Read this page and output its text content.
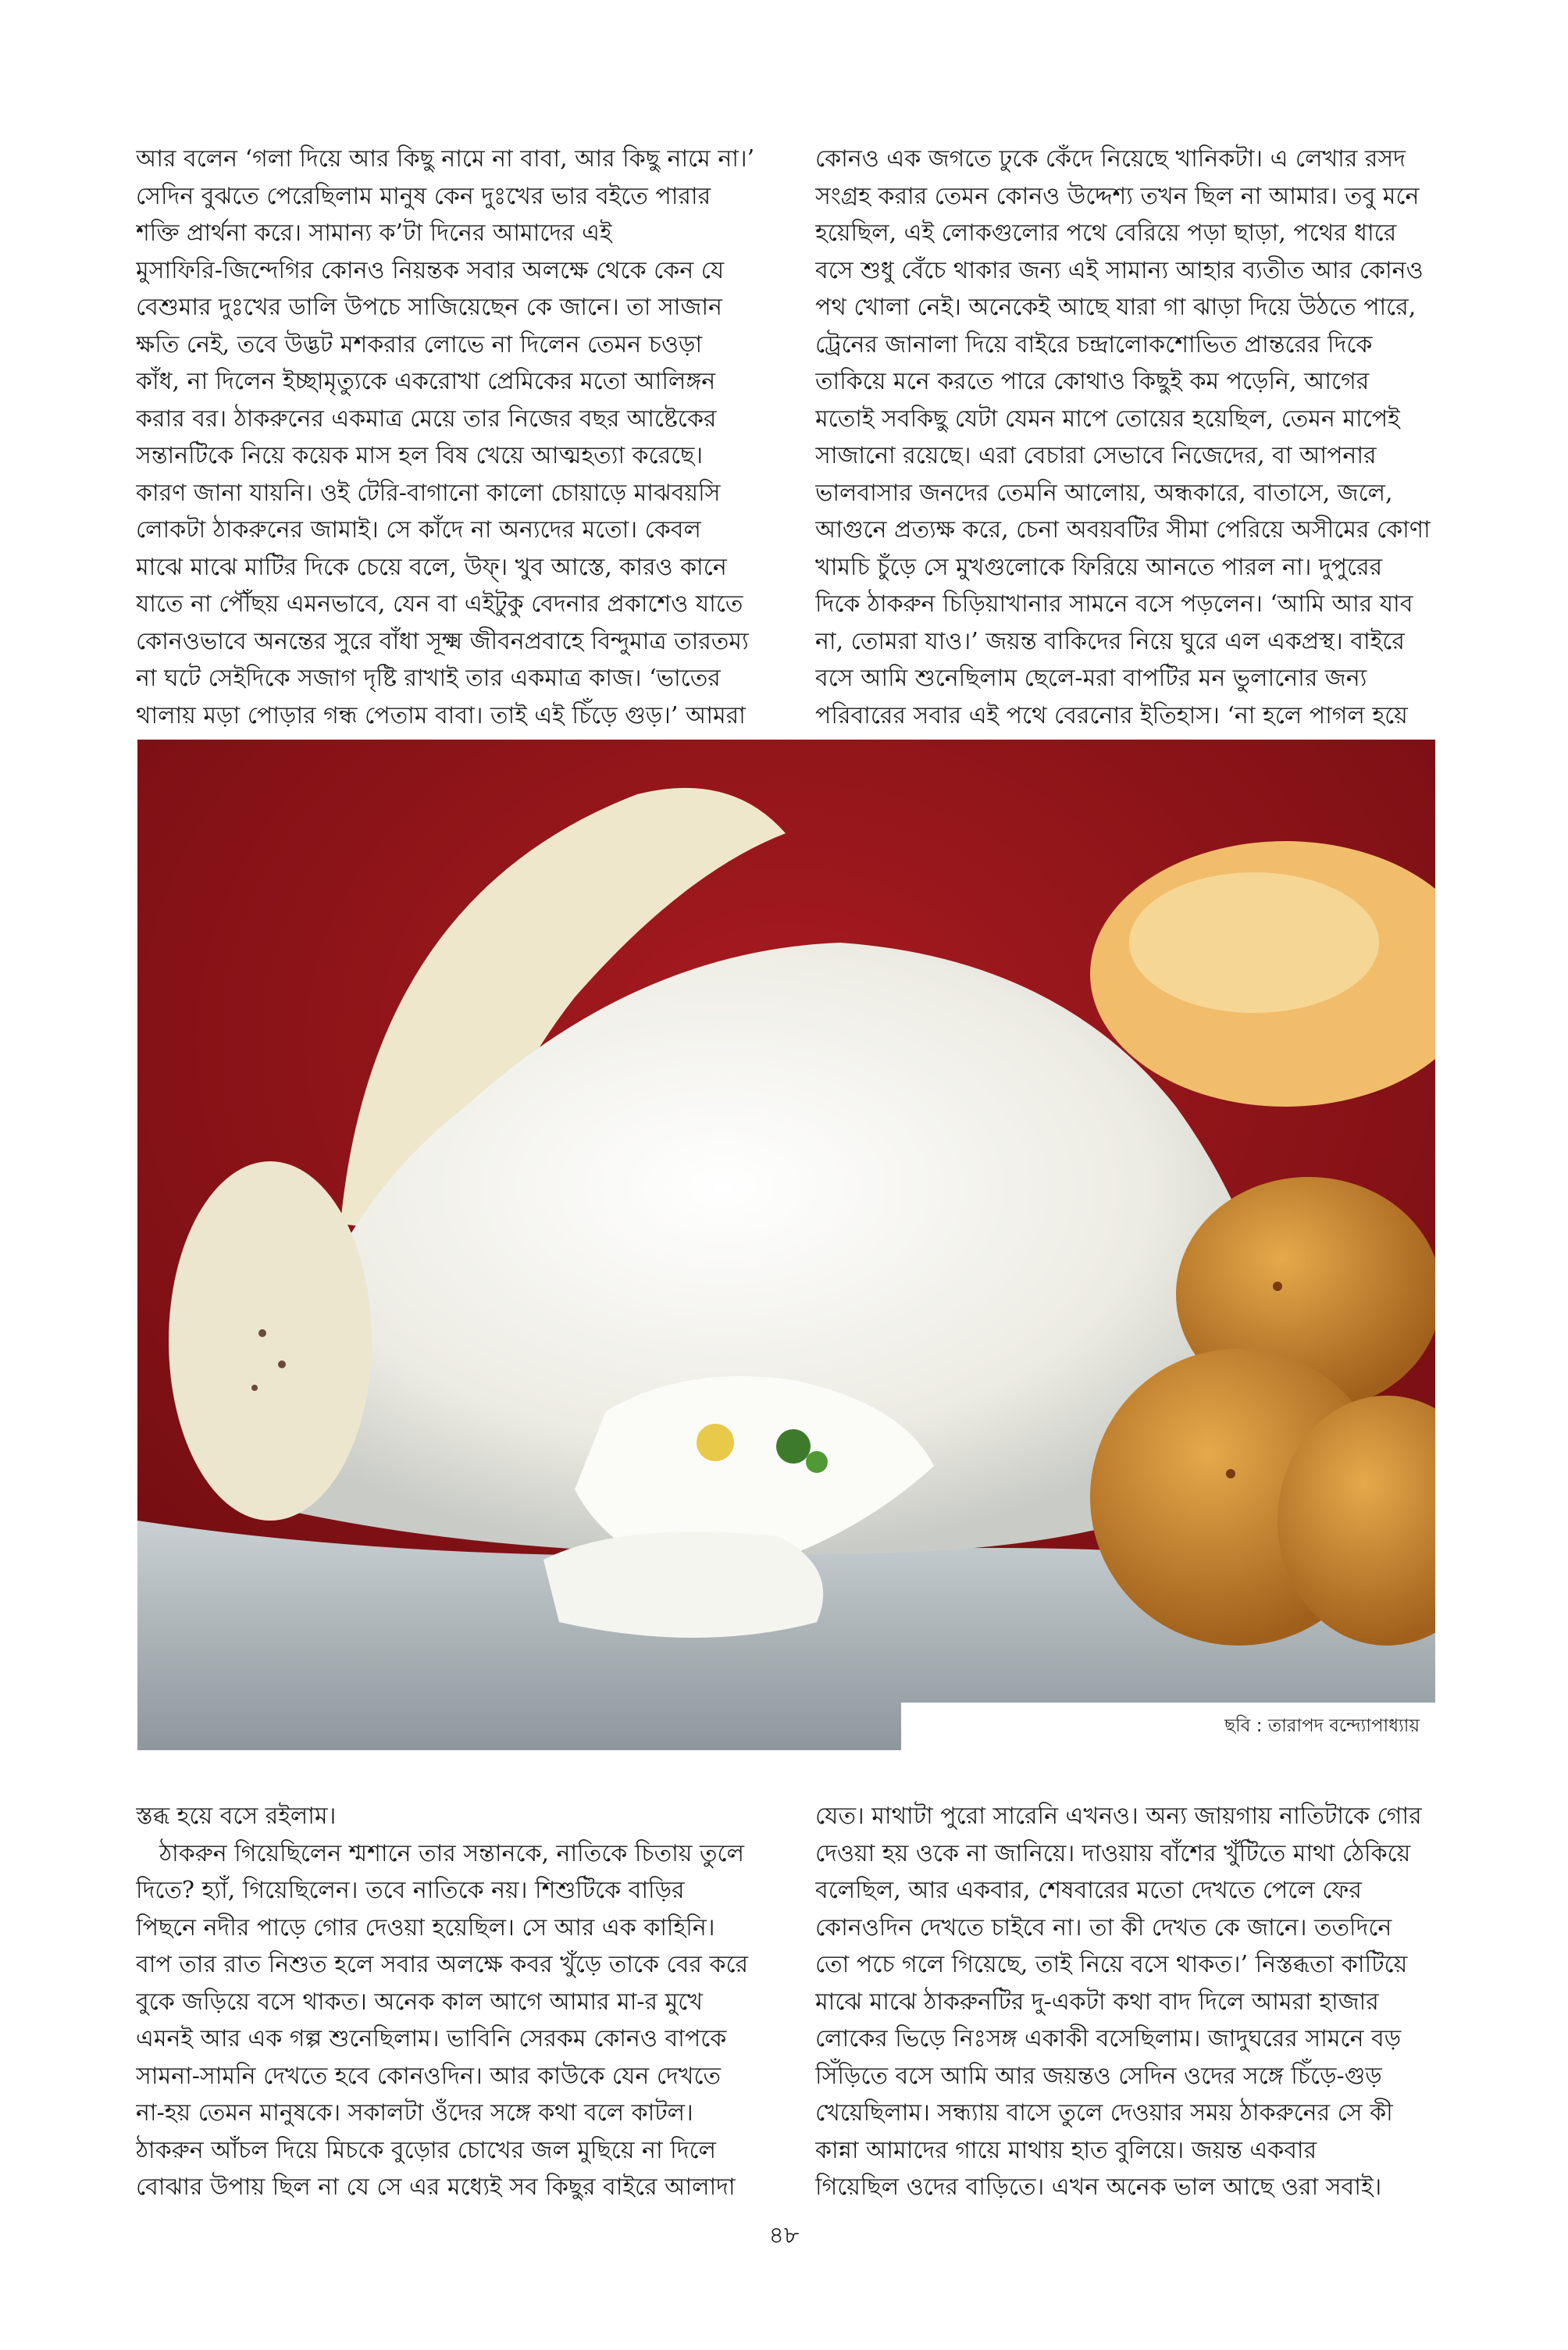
আর বলেন ‘গলা দিয়ে আর কিছু নামে না বাবা, আর কিছু নামে না।’
সেদিন বুঝতে পেরেছিলাম মানুষ কেন দুঃখের ভার বইতে পারার
শক্তি প্রার্থনা করে। সামান্য ক’টা দিনের আমাদের এই
মুসাফিরি-জিন্দেগির কোনও নিয়ন্তক সবার অলক্ষে থেকে কেন যে
বেশুমার দুঃখের ডালি উপচে সাজিয়েছেন কে জানে। তা সাজান
ক্ষতি নেই, তবে উদ্ভট মশকরার লোভে না দিলেন তেমন চওড়া
কাঁধ, না দিলেন ইচ্ছামৃত্যুকে একরোখা প্রেমিকের মতো আলিঙ্গন
করার বর। ঠাকরুনের একমাত্র মেয়ে তার নিজের বছর আষ্টেকের
সন্তানটিকে নিয়ে কয়েক মাস হল বিষ খেয়ে আত্মহত্যা করেছে।
কারণ জানা যায়নি। ওই টেরি-বাগানো কালো চোয়াড়ে মাঝবয়সি
লোকটা ঠাকরুনের জামাই। সে কাঁদে না অন্যদের মতো। কেবল
মাঝে মাঝে মাটির দিকে চেয়ে বলে, উফ্। খুব আস্তে, কারও কানে
যাতে না পৌঁছয় এমনভাবে, যেন বা এইটুকু বেদনার প্রকাশেও যাতে
কোনওভাবে অনন্তের সুরে বাঁধা সূক্ষ্ম জীবনপ্রবাহে বিন্দুমাত্র তারতম্য
না ঘটে সেইদিকে সজাগ দৃষ্টি রাখাই তার একমাত্র কাজ। ‘ভাতের
থালায় মড়া পোড়ার গন্ধ পেতাম বাবা। তাই এই চিঁড়ে গুড়।’ আমরা
কোনও এক জগতে ঢুকে কেঁদে নিয়েছে খানিকটা। এ লেখার রসদ
সংগ্রহ করার তেমন কোনও উদ্দেশ্য তখন ছিল না আমার। তবু মনে
হয়েছিল, এই লোকগুলোর পথে বেরিয়ে পড়া ছাড়া, পথের ধারে
বসে শুধু বেঁচে থাকার জন্য এই সামান্য আহার ব্যতীত আর কোনও
পথ খোলা নেই। অনেকেই আছে যারা গা ঝাড়া দিয়ে উঠতে পারে,
ট্রেনের জানালা দিয়ে বাইরে চন্দ্রালোকশোভিত প্রান্তরের দিকে
তাকিয়ে মনে করতে পারে কোথাও কিছুই কম পড়েনি, আগের
মতোই সবকিছু যেটা যেমন মাপে তোয়ের হয়েছিল, তেমন মাপেই
সাজানো রয়েছে। এরা বেচারা সেভাবে নিজেদের, বা আপনার
ভালবাসার জনদের তেমনি আলোয়, অন্ধকারে, বাতাসে, জলে,
আগুনে প্রত্যক্ষ করে, চেনা অবয়বটির সীমা পেরিয়ে অসীমের কোণা
খামচি চুঁড়ে সে মুখগুলোকে ফিরিয়ে আনতে পারল না। দুপুরের
দিকে ঠাকরুন চিড়িয়াখানার সামনে বসে পড়লেন। ‘আমি আর যাব
না, তোমরা যাও।’ জয়ন্ত বাকিদের নিয়ে ঘুরে এল একপ্রস্থ। বাইরে
বসে আমি শুনেছিলাম ছেলে-মরা বাপটির মন ভুলানোর জন্য
পরিবারের সবার এই পথে বেরনোর ইতিহাস। ‘না হলে পাগল হয়ে
ছবি : তারাপদ বন্দ্যোপাধ্যায়
স্তব্ধ হয়ে বসে রইলাম।
ঠাকরুন গিয়েছিলেন শ্মশানে তার সন্তানকে, নাতিকে চিতায় তুলে
দিতে? হ্যাঁ, গিয়েছিলেন। তবে নাতিকে নয়। শিশুটিকে বাড়ির
পিছনে নদীর পাড়ে গোর দেওয়া হয়েছিল। সে আর এক কাহিনি।
বাপ তার রাত নিশুত হলে সবার অলক্ষে কবর খুঁড়ে তাকে বের করে
বুকে জড়িয়ে বসে থাকত। অনেক কাল আগে আমার মা-র মুখে
এমনই আর এক গল্প শুনেছিলাম। ভাবিনি সেরকম কোনও বাপকে
সামনা-সামনি দেখতে হবে কোনওদিন। আর কাউকে যেন দেখতে
না-হয় তেমন মানুষকে। সকালটা ওঁদের সঙ্গে কথা বলে কাটল।
ঠাকরুন আঁচল দিয়ে মিচকে বুড়োর চোখের জল মুছিয়ে না দিলে
বোঝার উপায় ছিল না যে সে এর মধ্যেই সব কিছুর বাইরে আলাদা
যেত। মাথাটা পুরো সারেনি এখনও। অন্য জায়গায় নাতিটাকে গোর
দেওয়া হয় ওকে না জানিয়ে। দাওয়ায় বাঁশের খুঁটিতে মাথা ঠেকিয়ে
বলেছিল, আর একবার, শেষবারের মতো দেখতে পেলে ফের
কোনওদিন দেখতে চাইবে না। তা কী দেখত কে জানে। ততদিনে
তো পচে গলে গিয়েছে, তাই নিয়ে বসে থাকত।’ নিস্তব্ধতা কাটিয়ে
মাঝে মাঝে ঠাকরুনটির দু-একটা কথা বাদ দিলে আমরা হাজার
লোকের ভিড়ে নিঃসঙ্গ একাকী বসেছিলাম। জাদুঘরের সামনে বড়
সিঁড়িতে বসে আমি আর জয়ন্তও সেদিন ওদের সঙ্গে চিঁড়ে-গুড়
খেয়েছিলাম। সন্ধ্যায় বাসে তুলে দেওয়ার সময় ঠাকরুনের সে কী
কান্না আমাদের গায়ে মাথায় হাত বুলিয়ে। জয়ন্ত একবার
গিয়েছিল ওদের বাড়িতে। এখন অনেক ভাল আছে ওরা সবাই।
৪৮
